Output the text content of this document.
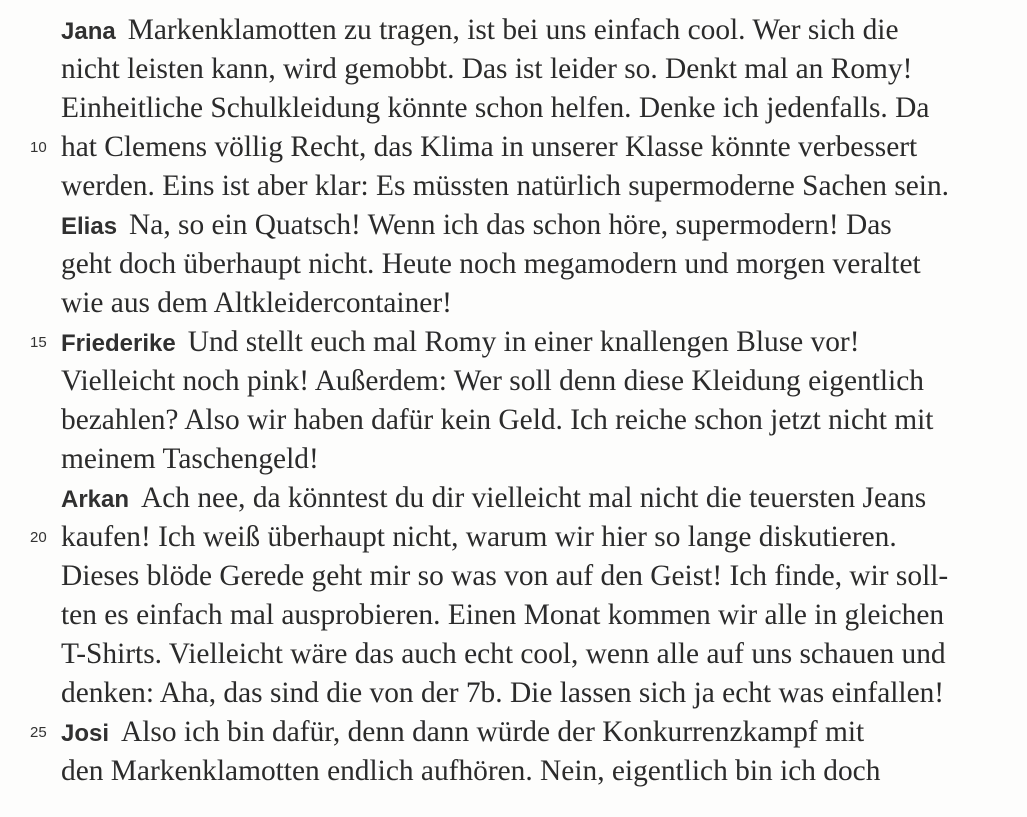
Jana Markenklamotten zu tragen, ist bei uns einfach cool. Wer sich die
nicht leisten kann, wird gemobbt. Das ist leider so. Denkt mal an Romy!
Einheitliche Schulkleidung könnte schon helfen. Denke ich jedenfalls. Da
10 hat Clemens völlig Recht, das Klima in unserer Klasse könnte verbessert
werden. Eins ist aber klar: Es müssten natürlich supermoderne Sachen sein.
Elias Na, so ein Quatsch! Wenn ich das schon höre, supermodern! Das
geht doch überhaupt nicht. Heute noch megamodern und morgen veraltet
wie aus dem Altkleidercontainer!
15 Friederike Und stellt euch mal Romy in einer knallengen Bluse vor!
Vielleicht noch pink! Außerdem: Wer soll denn diese Kleidung eigentlich
bezahlen? Also wir haben dafür kein Geld. Ich reiche schon jetzt nicht mit
meinem Taschengeld!
Arkan Ach nee, da könntest du dir vielleicht mal nicht die teuersten Jeans
20 kaufen! Ich weiß überhaupt nicht, warum wir hier so lange diskutieren.
Dieses blöde Gerede geht mir so was von auf den Geist! Ich finde, wir soll-
ten es einfach mal ausprobieren. Einen Monat kommen wir alle in gleichen
T-Shirts. Vielleicht wäre das auch echt cool, wenn alle auf uns schauen und
denken: Aha, das sind die von der 7b. Die lassen sich ja echt was einfallen!
25 Josi Also ich bin dafür, denn dann würde der Konkurrenzkampf mit
den Markenklamotten endlich aufhören. Nein, eigentlich bin ich doch
